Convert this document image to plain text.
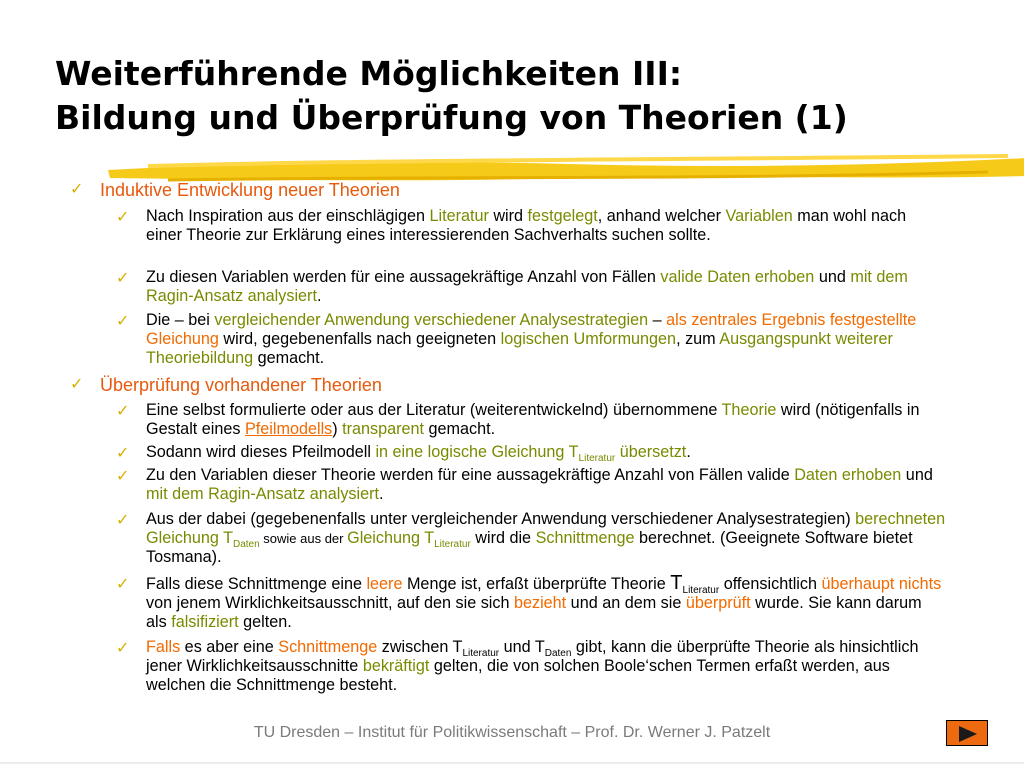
Weiterführende Möglichkeiten III:
Bildung und Überprüfung von Theorien (1)
✓ Induktive Entwicklung neuer Theorien
✓ Nach Inspiration aus der einschlägigen Literatur wird festgelegt, anhand welcher Variablen man wohl nach einer Theorie zur Erklärung eines interessierenden Sachverhalts suchen sollte.
✓ Zu diesen Variablen werden für eine aussagekräftige Anzahl von Fällen valide Daten erhoben und mit dem Ragin-Ansatz analysiert.
✓ Die – bei vergleichender Anwendung verschiedener Analysestrategien – als zentrales Ergebnis festgestellte Gleichung wird, gegebenenfalls nach geeigneten logischen Umformungen, zum Ausgangspunkt weiterer Theoriebildung gemacht.
✓ Überprüfung vorhandener Theorien
✓ Eine selbst formulierte oder aus der Literatur (weiterentwickelnd) übernommene Theorie wird (nötigenfalls in Gestalt eines Pfeilmodells) transparent gemacht.
✓ Sodann wird dieses Pfeilmodell in eine logische Gleichung $T_{Literatur}$ übersetzt.
✓ Zu den Variablen dieser Theorie werden für eine aussagekräftige Anzahl von Fällen valide Daten erhoben und mit dem Ragin-Ansatz analysiert.
✓ Aus der dabei (gegebenenfalls unter vergleichender Anwendung verschiedener Analysestrategien) berechneten Gleichung $T_{Daten}$ sowie aus der Gleichung $T_{Literatur}$ wird die Schnittmenge berechnet. (Geeignete Software bietet Tosmana).
✓ Falls diese Schnittmenge eine leere Menge ist, erfaßt überprüfte Theorie $T_{Literatur}$ offensichtlich überhaupt nichts von jenem Wirklichkeitsausschnitt, auf den sie sich bezieht und an dem sie überprüft wurde. Sie kann darum als falsifiziert gelten.
✓ Falls es aber eine Schnittmenge zwischen $T_{Literatur}$ und $T_{Daten}$ gibt, kann die überprüfte Theorie als hinsichtlich jener Wirklichkeitsausschnitte bekräftigt gelten, die von solchen Boole‘schen Termen erfaßt werden, aus welchen die Schnittmenge besteht.
TU Dresden – Institut für Politikwissenschaft – Prof. Dr. Werner J. Patzelt
